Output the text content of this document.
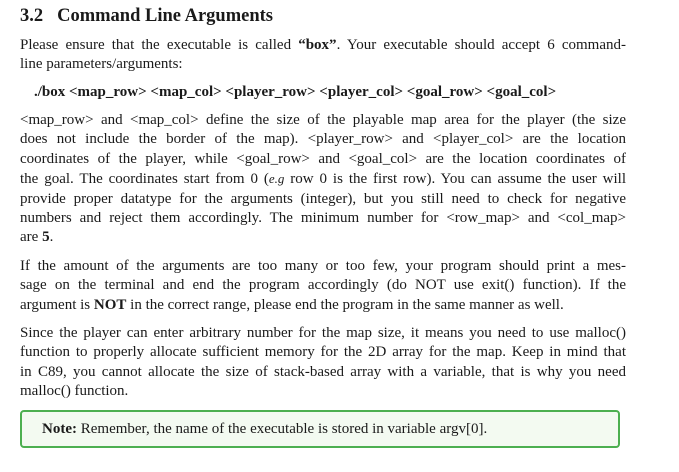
3.2 Command Line Arguments

Please ensure that the executable is called “box”. Your executable should accept 6 command-
line parameters/arguments:

./box <map_row> <map_col> <player_row> <player_col> <goal_row> <goal_col>

<map_row> and <map_col> define the size of the playable map area for the player (the size
does not include the border of the map). <player_row> and <player_col> are the location
coordinates of the player, while <goal_row> and <goal_col> are the location coordinates of
the goal. The coordinates start from 0 (e.g row 0 is the first row). You can assume the user will
provide proper datatype for the arguments (integer), but you still need to check for negative
numbers and reject them accordingly. The minimum number for <row_map> and <col_map>
are 5.

If the amount of the arguments are too many or too few, your program should print a mes-
sage on the terminal and end the program accordingly (do NOT use exit() function). If the
argument is NOT in the correct range, please end the program in the same manner as well.

Since the player can enter arbitrary number for the map size, it means you need to use malloc()
function to properly allocate sufficient memory for the 2D array for the map. Keep in mind that
in C89, you cannot allocate the size of stack-based array with a variable, that is why you need
malloc() function.

Note: Remember, the name of the executable is stored in variable argv[0].
